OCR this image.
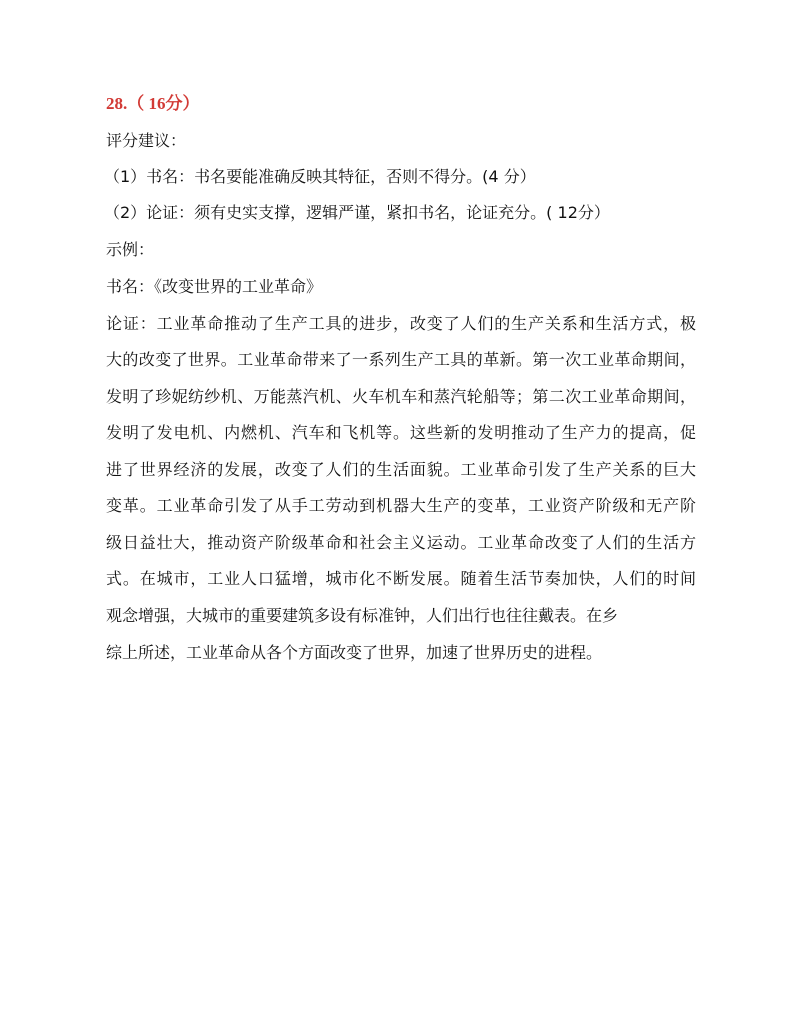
28.（ 16分）
评分建议：
（1）书名：书名要能准确反映其特征，否则不得分。(4 分）
（2）论证：须有史实支撑，逻辑严谨，紧扣书名，论证充分。( 12分）
示例：
书名：《改变世界的工业革命》
论证：工业革命推动了生产工具的进步，改变了人们的生产关系和生活方式，极
大的改变了世界。工业革命带来了一系列生产工具的革新。第一次工业革命期间，
发明了珍妮纺纱机、万能蒸汽机、火车机车和蒸汽轮船等；第二次工业革命期间，
发明了发电机、内燃机、汽车和飞机等。这些新的发明推动了生产力的提高，促
进了世界经济的发展，改变了人们的生活面貌。工业革命引发了生产关系的巨大
变革。工业革命引发了从手工劳动到机器大生产的变革，工业资产阶级和无产阶
级日益壮大，推动资产阶级革命和社会主义运动。工业革命改变了人们的生活方
式。在城市，工业人口猛增，城市化不断发展。随着生活节奏加快，人们的时间
观念增强，大城市的重要建筑多设有标准钟，人们出行也往往戴表。在乡
综上所述，工业革命从各个方面改变了世界，加速了世界历史的进程。
